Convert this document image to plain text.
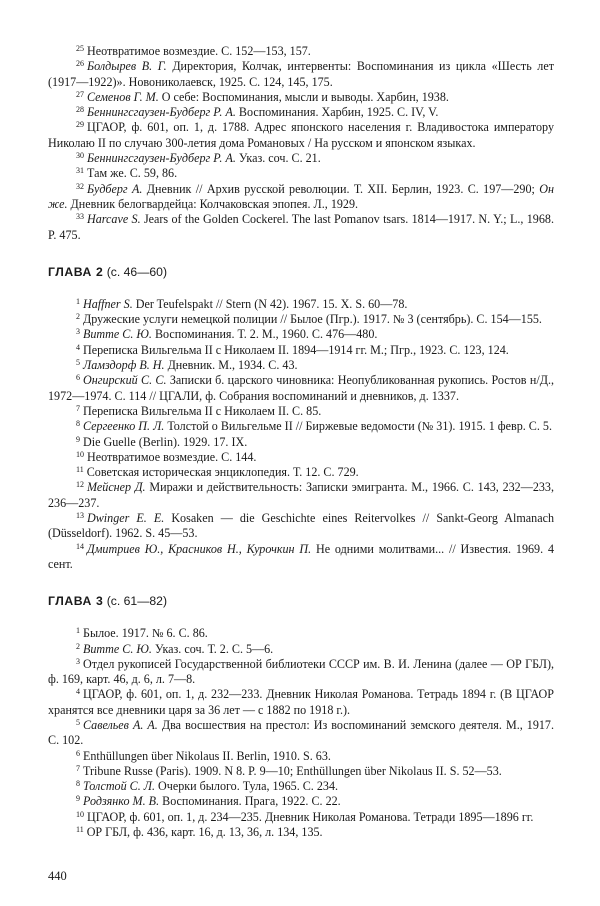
$^{25}$ Неотвратимое возмездие. С. 152—153, 157.

$^{26}$ Болдырев В. Г. Директория, Колчак, интервенты: Воспоминания из цикла «Шесть лет (1917—1922)». Новониколаевск, 1925. С. 124, 145, 175.

$^{27}$ Семенов Г. М. О себе: Воспоминания, мысли и выводы. Харбин, 1938.

$^{28}$ Беннингсгаузен-Будберг Р. А. Воспоминания. Харбин, 1925. С. IV, V.

$^{29}$ ЦГАОР, ф. 601, оп. 1, д. 1788. Адрес японского населения г. Владивостока императору Николаю II по случаю 300-летия дома Романовых / На русском и японском языках.

$^{30}$ Беннингсгаузен-Будберг Р. А. Указ. соч. С. 21.

$^{31}$ Там же. С. 59, 86.

$^{32}$ Будберг А. Дневник // Архив русской революции. Т. XII. Берлин, 1923. С. 197—290; Он же. Дневник белогвардейца: Колчаковская эпопея. Л., 1929.

$^{33}$ Harcave S. Jears of the Golden Cockerel. The last Pomanov tsars. 1814—1917. N. Y.; L., 1968. P. 475.

ГЛАВА 2 (с. 46—60)

$^1$ Haffner S. Der Teufelspakt // Stern (N 42). 1967. 15. X. S. 60—78.

$^2$ Дружеские услуги немецкой полиции // Былое (Пгр.). 1917. № 3 (сентябрь). С. 154—155.

$^3$ Витте С. Ю. Воспоминания. Т. 2. М., 1960. С. 476—480.

$^4$ Переписка Вильгельма II с Николаем II. 1894—1914 гг. М.; Пгр., 1923. С. 123, 124.

$^5$ Ламздорф В. Н. Дневник. М., 1934. С. 43.

$^6$ Онгирский С. С. Записки б. царского чиновника: Неопубликованная рукопись. Ростов н/Д., 1972—1974. С. 114 // ЦГАЛИ, ф. Собрания воспоминаний и дневников, д. 1337.

$^7$ Переписка Вильгельма II с Николаем II. С. 85.

$^8$ Сергеенко П. Л. Толстой о Вильгельме II // Биржевые ведомости (№ 31). 1915. 1 февр. С. 5.

$^9$ Die Guelle (Berlin). 1929. 17. IX.

$^{10}$ Неотвратимое возмездие. С. 144.

$^{11}$ Советская историческая энциклопедия. Т. 12. С. 729.

$^{12}$ Мейснер Д. Миражи и действительность: Записки эмигранта. М., 1966. С. 143, 232—233, 236—237.

$^{13}$ Dwinger E. E. Kosaken — die Geschichte eines Reitervolkes // Sankt-Georg Almanach (Düsseldorf). 1962. S. 45—53.

$^{14}$ Дмитриев Ю., Красников Н., Курочкин П. Не одними молитвами... // Известия. 1969. 4 сент.

ГЛАВА 3 (с. 61—82)

$^1$ Былое. 1917. № 6. С. 86.

$^2$ Витте С. Ю. Указ. соч. Т. 2. С. 5—6.

$^3$ Отдел рукописей Государственной библиотеки СССР им. В. И. Ленина (далее — ОР ГБЛ), ф. 169, карт. 46, д. 6, л. 7—8.

$^4$ ЦГАОР, ф. 601, оп. 1, д. 232—233. Дневник Николая Романова. Тетрадь 1894 г. (В ЦГАОР хранятся все дневники царя за 36 лет — с 1882 по 1918 г.).

$^5$ Савельев А. А. Два восшествия на престол: Из воспоминаний земского деятеля. М., 1917. С. 102.

$^6$ Enthüllungen über Nikolaus II. Berlin, 1910. S. 63.

$^7$ Tribune Russe (Paris). 1909. N 8. P. 9—10; Enthüllungen über Nikolaus II. S. 52—53.

$^8$ Толстой С. Л. Очерки былого. Тула, 1965. С. 234.

$^9$ Родзянко М. В. Воспоминания. Прага, 1922. С. 22.

$^{10}$ ЦГАОР, ф. 601, оп. 1, д. 234—235. Дневник Николая Романова. Тетради 1895—1896 гг.

$^{11}$ ОР ГБЛ, ф. 436, карт. 16, д. 13, 36, л. 134, 135.

440
